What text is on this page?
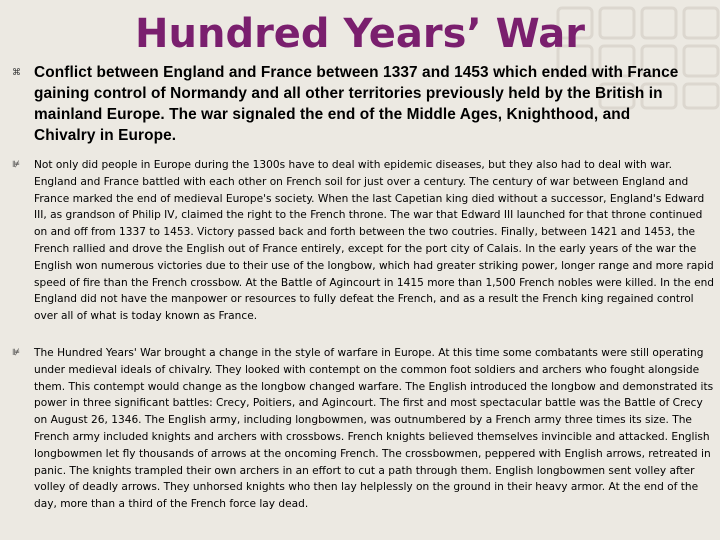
Hundred Years’ War
⌘ Conflict between England and France between 1337 and 1453 which ended with France gaining control of Normandy and all other territories previously held by the British in mainland Europe. The war signaled the end of the Middle Ages, Knighthood, and Chivalry in Europe.

⊯ Not only did people in Europe during the 1300s have to deal with epidemic diseases, but they also had to deal with war. England and France battled with each other on French soil for just over a century. The century of war between England and France marked the end of medieval Europe's society. When the last Capetian king died without a successor, England's Edward III, as grandson of Philip IV, claimed the right to the French throne. The war that Edward III launched for that throne continued on and off from 1337 to 1453. Victory passed back and forth between the two coutries. Finally, between 1421 and 1453, the French rallied and drove the English out of France entirely, except for the port city of Calais. In the early years of the war the English won numerous victories due to their use of the longbow, which had greater striking power, longer range and more rapid speed of fire than the French crossbow. At the Battle of Agincourt in 1415 more than 1,500 French nobles were killed. In the end England did not have the manpower or resources to fully defeat the French, and as a result the French king regained control over all of what is today known as France.

⊯ The Hundred Years' War brought a change in the style of warfare in Europe. At this time some combatants were still operating under medieval ideals of chivalry. They looked with contempt on the common foot soldiers and archers who fought alongside them. This contempt would change as the longbow changed warfare. The English introduced the longbow and demonstrated its power in three significant battles: Crecy, Poitiers, and Agincourt. The first and most spectacular battle was the Battle of Crecy on August 26, 1346. The English army, including longbowmen, was outnumbered by a French army three times its size. The French army included knights and archers with crossbows. French knights believed themselves invincible and attacked. English longbowmen let fly thousands of arrows at the oncoming French. The crossbowmen, peppered with English arrows, retreated in panic. The knights trampled their own archers in an effort to cut a path through them. English longbowmen sent volley after volley of deadly arrows. They unhorsed knights who then lay helplessly on the ground in their heavy armor. At the end of the day, more than a third of the French force lay dead.
